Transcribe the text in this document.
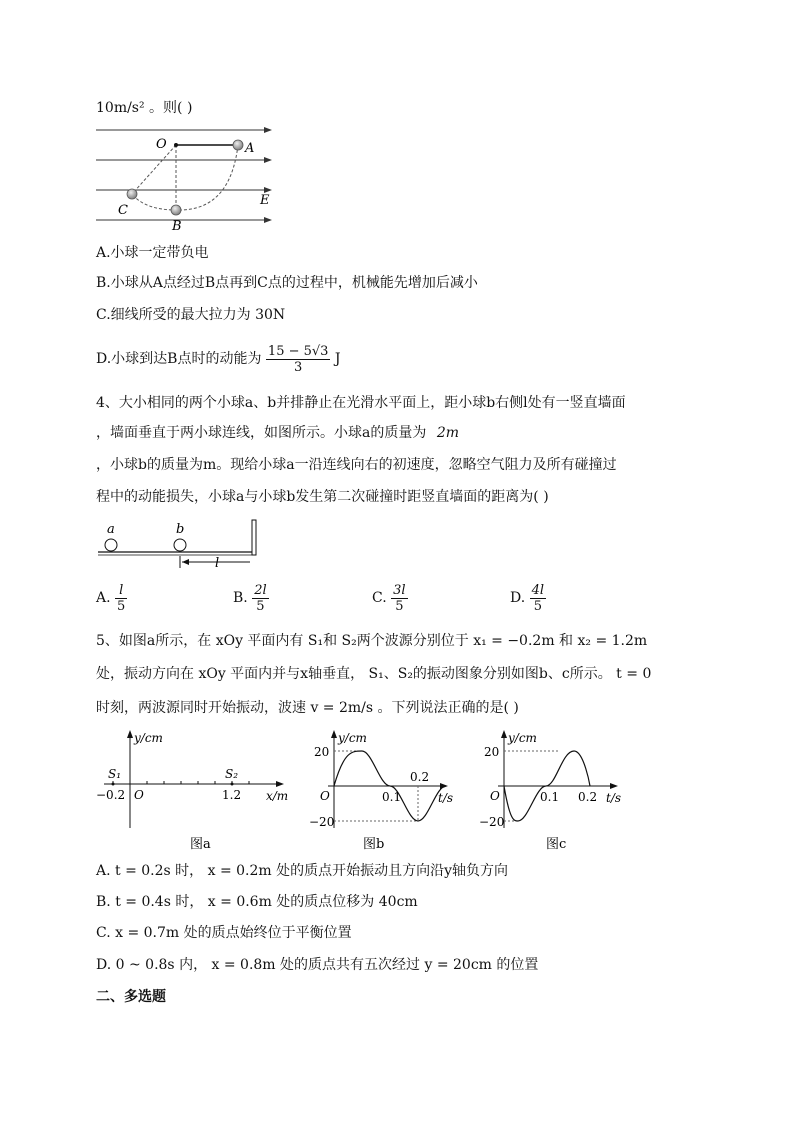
10m/s² 。则( )
O	A
B
C
E
A.小球一定带负电
B.小球从A点经过B点再到C点的过程中，机械能先增加后减小
C.细线所受的最大拉力为 30N
D.小球到达B点时的动能为 $\frac{15 - 5√3}{3}$ J
4、大小相同的两个小球a、b并排静止在光滑水平面上，距小球b右侧l处有一竖直墙面
，墙面垂直于两小球连线，如图所示。小球a的质量为 2m
，小球b的质量为m。现给小球a一沿连线向右的初速度，忽略空气阻力及所有碰撞过
程中的动能损失，小球a与小球b发生第二次碰撞时距竖直墙面的距离为( )
a	b
l
A. $\frac{l}{5}$	B. $\frac{2l}{5}$	C. $\frac{3l}{5}$	D. $\frac{4l}{5}$
5、如图a所示，在 xOy 平面内有 S₁和 S₂两个波源分别位于 x₁ = −0.2m 和 x₂ = 1.2m
处，振动方向在 xOy 平面内并与x轴垂直， S₁、S₂的振动图象分别如图b、c所示。 t = 0
时刻，两波源同时开始振动，波速 v = 2m/s 。下列说法正确的是( )
y/cm
x/m
S₁	S₂
−0.2 O	1.2
图a
y/cm
t/s
20
−20
O	0.1
0.2
图b
y/cm
t/s
20
−20
O	0.1 0.2
图c
A. t = 0.2s 时， x = 0.2m 处的质点开始振动且方向沿y轴负方向
B. t = 0.4s 时， x = 0.6m 处的质点位移为 40cm
C. x = 0.7m 处的质点始终位于平衡位置
D. 0 ~ 0.8s 内， x = 0.8m 处的质点共有五次经过 y = 20cm 的位置
二、多选题
